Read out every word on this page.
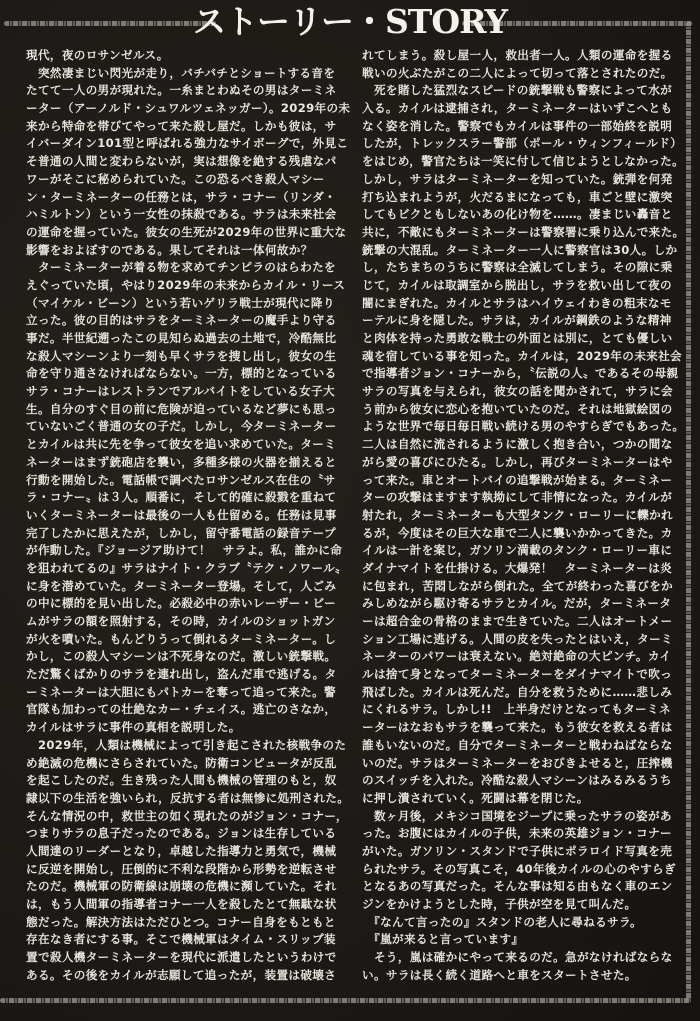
ストーリー・STORY
現代，夜のロサンゼルス。
　突然凄まじい閃光が走り，バチバチとショートする音を
たてて一人の男が現れた。一糸まとわぬその男はターミネ
ーター（アーノルド・シュワルツェネッガー）。2029年の未
来から特命を帯びてやって来た殺し屋だ。しかも彼は，サ
イバーダイン101型と呼ばれる強力なサイボーグで，外見こ
そ普通の人間と変わらないが，実は想像を絶する残虐なパ
ワーがそこに秘められていた。この恐るべき殺人マシー
ン・ターミネーターの任務とは，サラ・コナー（リンダ・
ハミルトン）という一女性の抹殺である。サラは未来社会
の運命を握っていた。彼女の生死が2029年の世界に重大な
影響をおよぼすのである。果してそれは一体何故か？
　ターミネーターが着る物を求めてチンピラのはらわたを
えぐっていた頃，やはり2029年の未来からカイル・リース
（マイケル・ビーン）という若いゲリラ戦士が現代に降り
立った。彼の目的はサラをターミネーターの魔手より守る
事だ。半世紀遡ったこの見知らぬ過去の土地で，冷酷無比
な殺人マシーンより一刻も早くサラを捜し出し，彼女の生
命を守り通さなければならない。一方，標的となっている
サラ・コナーはレストランでアルバイトをしている女子大
生。自分のすぐ目の前に危険が迫っているなど夢にも思っ
ていないごく普通の女の子だ。しかし，今ターミネーター
とカイルは共に先を争って彼女を追い求めていた。ターミ
ネーターはまず銃砲店を襲い，多種多様の火器を揃えると
行動を開始した。電話帳で調べたロサンゼルス在住の〝サ
ラ・コナー〟は３人。順番に，そして的確に殺戮を重ねて
いくターミネーターは最後の一人も仕留める。任務は見事
完了したかに思えたが，しかし，留守番電話の録音テープ
が作動した。『ジョージア助けて！　サラよ。私，誰かに命
を狙われてるの』サラはナイト・クラブ〝テク・ノワール〟
に身を潜めていた。ターミネーター登場。そして，人ごみ
の中に標的を見い出した。必殺必中の赤いレーザー・ビー
ムがサラの額を照射する，その時，カイルのショットガン
が火を噴いた。もんどりうって倒れるターミネーター。し
かし，この殺人マシーンは不死身なのだ。激しい銃撃戦。
ただ驚くばかりのサラを連れ出し，盗んだ車で逃げる。タ
ーミネーターは大胆にもパトカーを奪って追って来た。警
官隊も加わっての壮絶なカー・チェイス。逃亡のさなか，
カイルはサラに事件の真相を説明した。
　2029年，人類は機械によって引き起こされた核戦争のた
め絶滅の危機にさらされていた。防衛コンピュータが反乱
を起こしたのだ。生き残った人間も機械の管理のもと，奴
隷以下の生活を強いられ，反抗する者は無惨に処刑された。
そんな情況の中，救世主の如く現れたのがジョン・コナー，
つまりサラの息子だったのである。ジョンは生存している
人間達のリーダーとなり，卓越した指導力と勇気で，機械
に反逆を開始し，圧倒的に不利な段階から形勢を逆転させ
たのだ。機械軍の防衛線は崩壊の危機に瀕していた。それ
は，もう人間軍の指導者コナー一人を殺したとて無駄な状
態だった。解決方法はただひとつ。コナー自身をもともと
存在なき者にする事。そこで機械軍はタイム・スリップ装
置で殺人機ターミネーターを現代に派遣したというわけで
ある。その後をカイルが志願して追ったが，装置は破壊さ
れてしまう。殺し屋一人，救出者一人。人類の運命を握る
戦いの火ぶたがこの二人によって切って落とされたのだ。
　死を賭した猛烈なスピードの銃撃戦も警察によって水が
入る。カイルは逮捕され，ターミネーターはいずこへとも
なく姿を消した。警察でもカイルは事件の一部始終を説明
したが，トレックスラー警部（ポール・ウィンフィールド）
をはじめ，警官たちは一笑に付して信じようとしなかった。
しかし，サラはターミネーターを知っていた。銃弾を何発
打ち込まれようが，火だるまになっても，車ごと壁に激突
してもビクともしないあの化け物を……。凄まじい轟音と
共に，不敵にもターミネーターは警察署に乗り込んで来た。
銃撃の大混乱。ターミネーター一人に警察官は30人。しか
し，たちまちのうちに警察は全滅してしまう。その隙に乗
じて，カイルは取調室から脱出し，サラを救い出して夜の
闇にまぎれた。カイルとサラはハイウェイわきの粗末なモ
ーテルに身を隠した。サラは，カイルが鋼鉄のような精神
と肉体を持った勇敢な戦士の外面とは別に，とても優しい
魂を宿している事を知った。カイルは，2029年の未来社会
で指導者ジョン・コナーから，〝伝説の人〟であるその母親
サラの写真を与えられ，彼女の話を聞かされて，サラに会
う前から彼女に恋心を抱いていたのだ。それは地獄絵図の
ような世界で毎日毎日戦い続ける男のやすらぎでもあった。
二人は自然に流されるように激しく抱き合い，つかの間な
がら愛の喜びにひたる。しかし，再びターミネーターはや
って来た。車とオートバイの追撃戦が始まる。ターミネー
ターの攻撃はますます執拗にして非情になった。カイルが
射たれ，ターミネーターも大型タンク・ローリーに轢かれ
るが，今度はその巨大な車で二人に襲いかかってきた。カ
イルは一計を案じ，ガソリン満載のタンク・ローリー車に
ダイナマイトを仕掛ける。大爆発！　ターミネーターは炎
に包まれ，苦悶しながら倒れた。全てが終わった喜びをか
みしめながら駆け寄るサラとカイル。だが，ターミネータ
ーは超合金の骨格のままで生きていた。二人はオートメー
ション工場に逃げる。人間の皮を失ったとはいえ，ターミ
ネーターのパワーは衰えない。絶対絶命の大ピンチ。カイ
ルは捨て身となってターミネーターをダイナマイトで吹っ
飛ばした。カイルは死んだ。自分を救うために……悲しみ
にくれるサラ。しかし!!　上半身だけとなってもターミネ
ーターはなおもサラを襲って来た。もう彼女を救える者は
誰もいないのだ。自分でターミネーターと戦わねばならな
いのだ。サラはターミネーターをおびきよせると，圧搾機
のスイッチを入れた。冷酷な殺人マシーンはみるみるうち
に押し潰されていく。死闘は幕を閉じた。
　数ヶ月後，メキシコ国境をジープに乗ったサラの姿があ
った。お腹にはカイルの子供，未来の英雄ジョン・コナー
がいた。ガソリン・スタンドで子供にポラロイド写真を売
られたサラ。その写真こそ，40年後カイルの心のやすらぎ
となるあの写真だった。そんな事は知る由もなく車のエン
ジンをかけようとした時，子供が空を見て叫んだ。
　『なんて言ったの』スタンドの老人に尋ねるサラ。
　『嵐が来ると言っています』
　そう，嵐は確かにやって来るのだ。急がなければならな
い。サラは長く続く道路へと車をスタートさせた。
